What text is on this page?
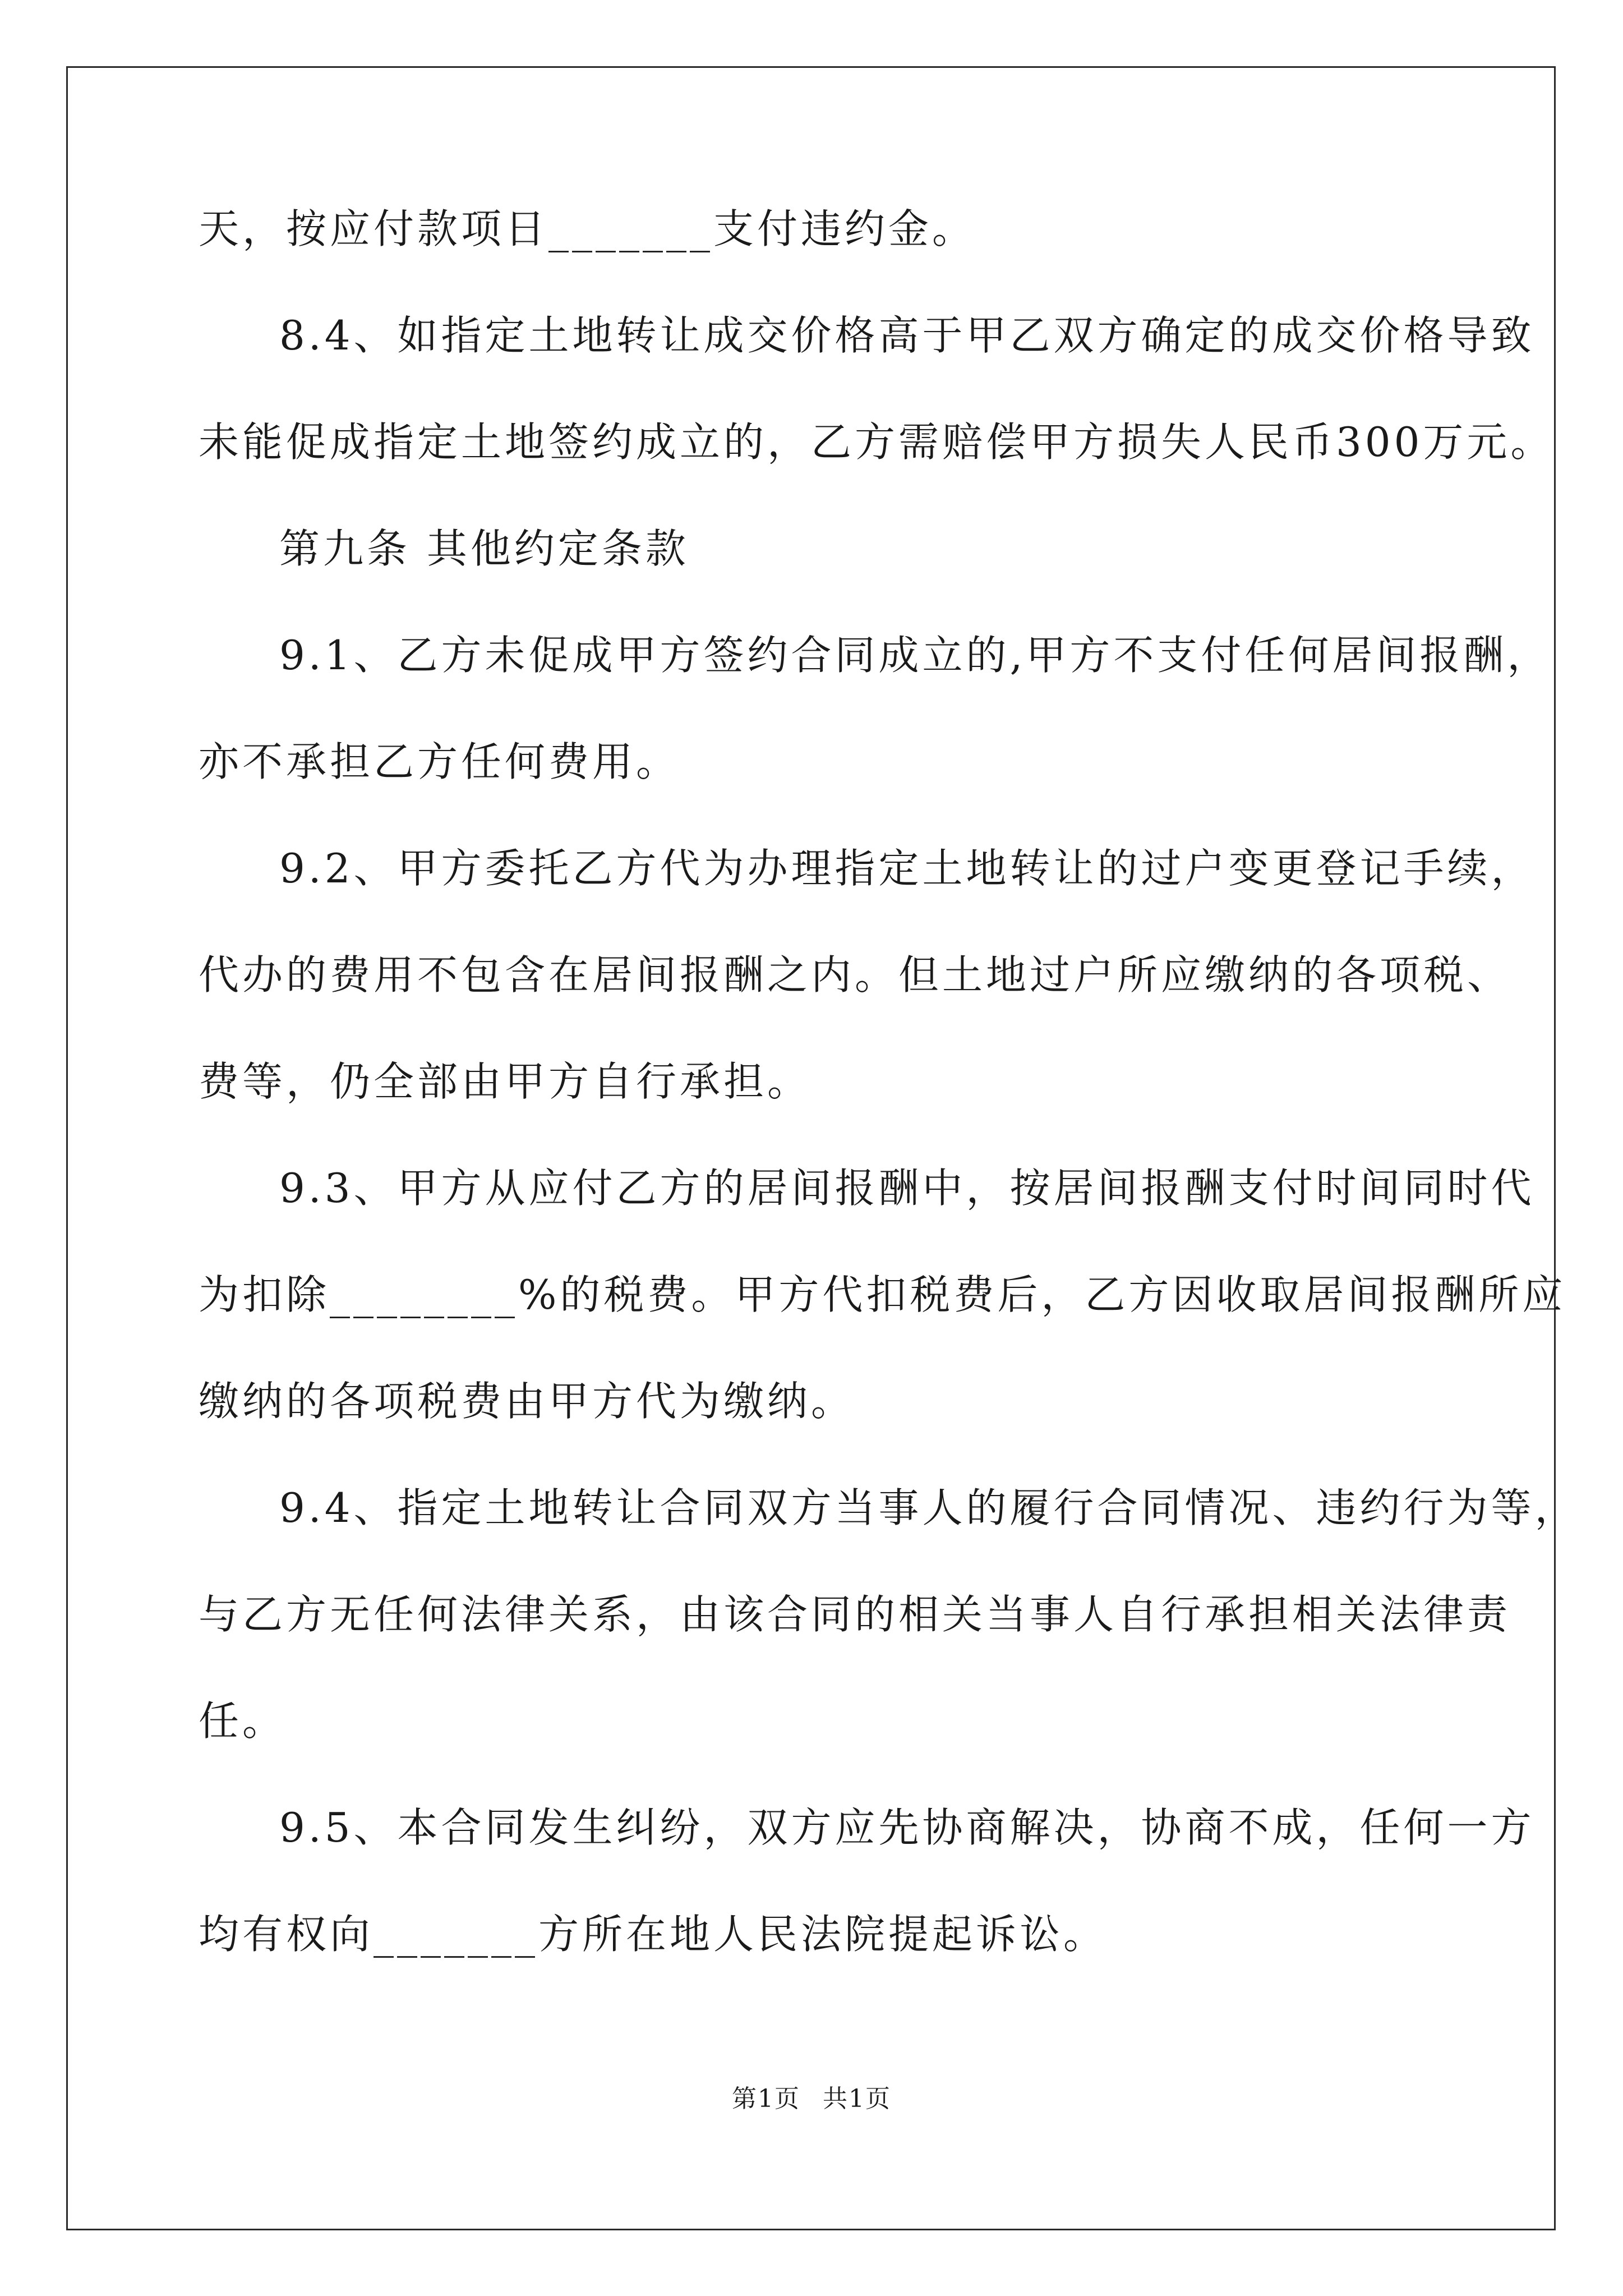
天，按应付款项日_______支付违约金。
8.4、如指定土地转让成交价格高于甲乙双方确定的成交价格导致
未能促成指定土地签约成立的，乙方需赔偿甲方损失人民币300万元。
第九条 其他约定条款
9.1、乙方未促成甲方签约合同成立的,甲方不支付任何居间报酬，
亦不承担乙方任何费用。
9.2、甲方委托乙方代为办理指定土地转让的过户变更登记手续，
代办的费用不包含在居间报酬之内。但土地过户所应缴纳的各项税、
费等，仍全部由甲方自行承担。
9.3、甲方从应付乙方的居间报酬中，按居间报酬支付时间同时代
为扣除________%的税费。甲方代扣税费后，乙方因收取居间报酬所应
缴纳的各项税费由甲方代为缴纳。
9.4、指定土地转让合同双方当事人的履行合同情况、违约行为等，
与乙方无任何法律关系，由该合同的相关当事人自行承担相关法律责
任。
9.5、本合同发生纠纷，双方应先协商解决，协商不成，任何一方
均有权向_______方所在地人民法院提起诉讼。
第1页 共1页
